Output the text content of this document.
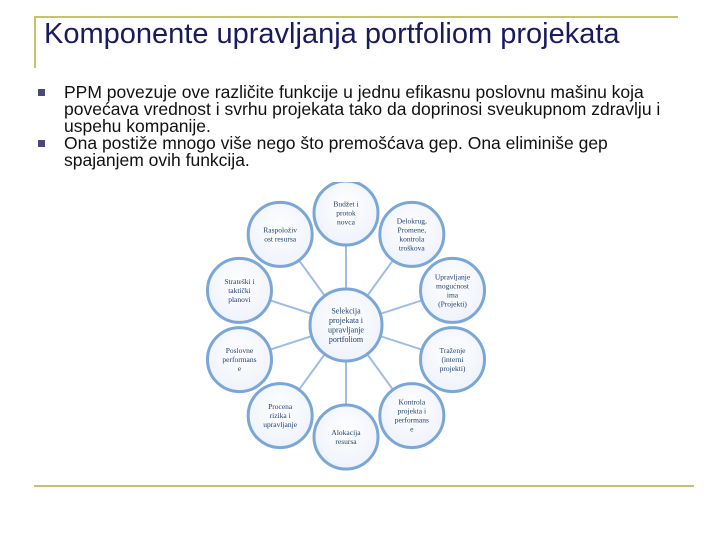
Komponente upravljanja portfoliom projekata
PPM povezuje ove različite funkcije u jednu efikasnu poslovnu mašinu koja povećava vrednost i svrhu projekata tako da doprinosi sveukupnom zdravlju i uspehu kompanije.
Ona postiže mnogo više nego što premošćava gep. Ona eliminiše gep spajanjem ovih funkcija.
Budžet i
protok
novca	Delokrug,
Promene,
kontrola
troškova
Upravljanje
mogućnost
ima
(Projekti)
Traženje
(interni
projekti)
Kontrola
projekta i
performans
e
Alokacija
resursa
Procena
rizika i
upravljanje
Poslovne
performans
e
Strateški i
taktički
planovi
Raspoloživ
ost resursa
Selekcija
projekata i
upravljanje
portfoliom
